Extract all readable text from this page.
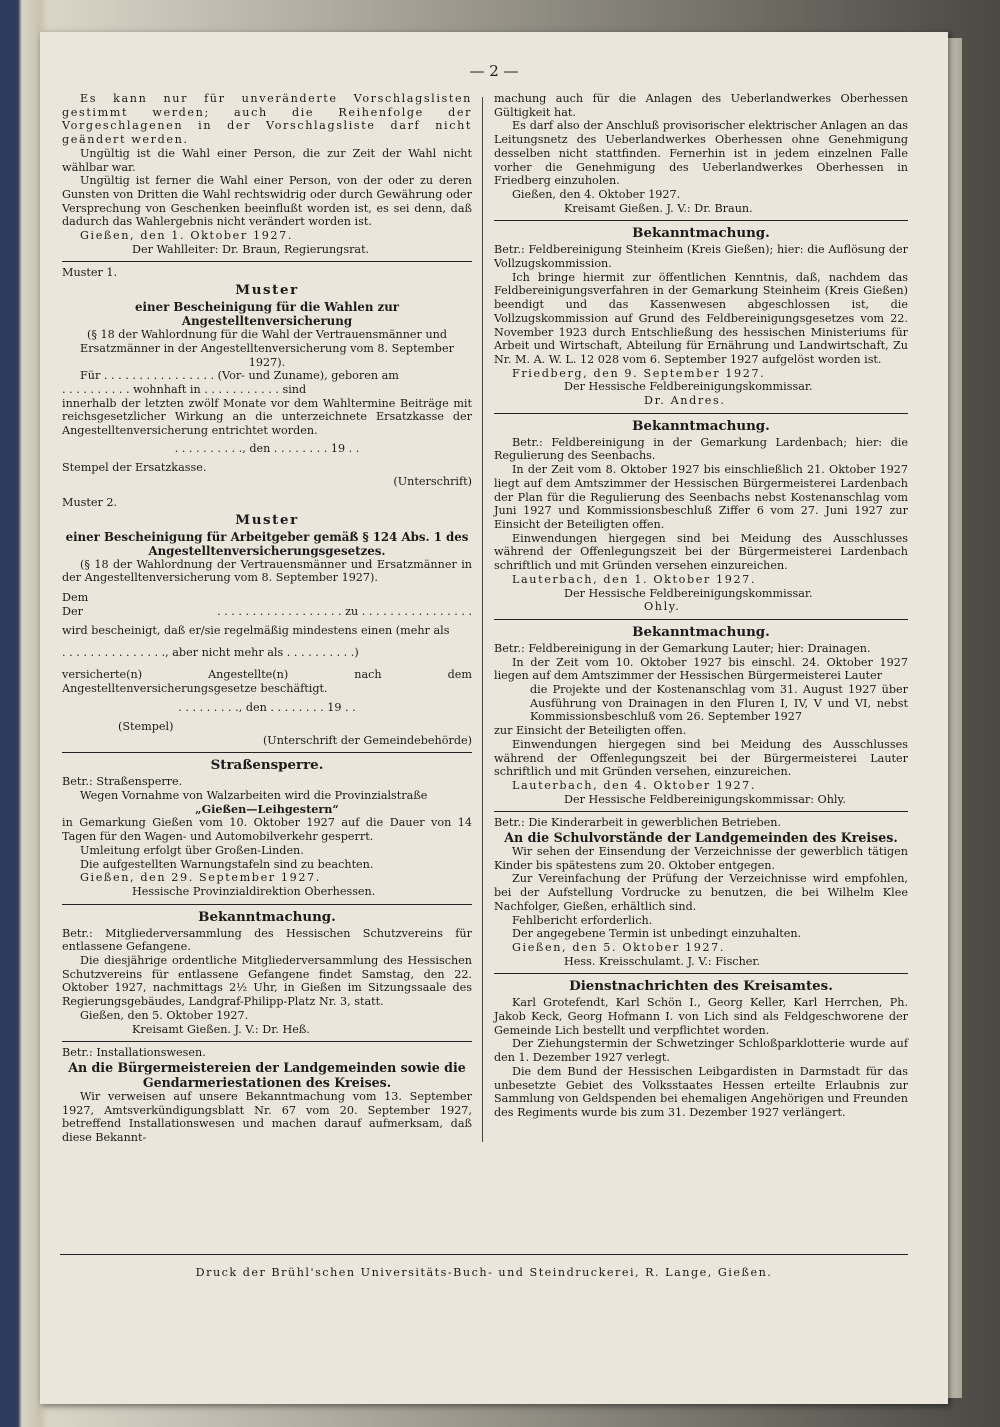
— 2 —

Es kann nur für unveränderte Vorschlagslisten gestimmt werden; auch die Reihenfolge der Vorgeschlagenen in der Vorschlagsliste darf nicht geändert werden.

Ungültig ist die Wahl einer Person, die zur Zeit der Wahl nicht wählbar war.

Ungültig ist ferner die Wahl einer Person, von der oder zu deren Gunsten von Dritten die Wahl rechtswidrig oder durch Gewährung oder Versprechung von Geschenken beeinflußt worden ist, es sei denn, daß dadurch das Wahlergebnis nicht verändert worden ist.

Gießen, den 1. Oktober 1927.

Der Wahlleiter: Dr. Braun, Regierungsrat.

Muster 1.

Muster
einer Bescheinigung für die Wahlen zur Angestelltenversicherung

(§ 18 der Wahlordnung für die Wahl der Vertrauensmänner und Ersatzmänner in der Angestelltenversicherung vom 8. September 1927).

Für . . . . . . . . . . . . . . . . (Vor- und Zuname), geboren am

. . . . . . . . . . wohnhaft in . . . . . . . . . . . sind

innerhalb der letzten zwölf Monate vor dem Wahltermine Beiträge mit reichsgesetzlicher Wirkung an die unterzeichnete Ersatzkasse der Angestelltenversicherung entrichtet worden.

. . . . . . . . . ., den . . . . . . . . 19 . .

Stempel der Ersatzkasse.

(Unterschrift)

Muster 2.

Muster
einer Bescheinigung für Arbeitgeber gemäß § 124 Abs. 1 des Angestelltenversicherungsgesetzes.

(§ 18 der Wahlordnung der Vertrauensmänner und Ersatzmänner in der Angestelltenversicherung vom 8. September 1927).

Dem
Der	. . . . . . . . . . . . . . . . . . zu . . . . . . . . . . . . . . . .

wird bescheinigt, daß er/sie regelmäßig mindestens einen (mehr als

. . . . . . . . . . . . . . ., aber nicht mehr als . . . . . . . . . .)

versicherte(n) Angestellte(n) nach dem Angestelltenversicherungsgesetze beschäftigt.

. . . . . . . . ., den . . . . . . . . 19 . .

(Stempel)

(Unterschrift der Gemeindebehörde)

Straßensperre.

Betr.: Straßensperre.

Wegen Vornahme von Walzarbeiten wird die Provinzialstraße

„Gießen—Leihgestern“

in Gemarkung Gießen vom 10. Oktober 1927 auf die Dauer von 14 Tagen für den Wagen- und Automobilverkehr gesperrt.

Umleitung erfolgt über Großen-Linden.

Die aufgestellten Warnungstafeln sind zu beachten.

Gießen, den 29. September 1927.

Hessische Provinzialdirektion Oberhessen.

Bekanntmachung.

Betr.: Mitgliederversammlung des Hessischen Schutzvereins für entlassene Gefangene.

Die diesjährige ordentliche Mitgliederversammlung des Hessischen Schutzvereins für entlassene Gefangene findet Samstag, den 22. Oktober 1927, nachmittags 2½ Uhr, in Gießen im Sitzungssaale des Regierungsgebäudes, Landgraf-Philipp-Platz Nr. 3, statt.

Gießen, den 5. Oktober 1927.

Kreisamt Gießen. J. V.: Dr. Heß.

Betr.: Installationswesen.

An die Bürgermeistereien der Landgemeinden sowie die Gendarmeriestationen des Kreises.

Wir verweisen auf unsere Bekanntmachung vom 13. September 1927, Amtsverkündigungsblatt Nr. 67 vom 20. September 1927, betreffend Installationswesen und machen darauf aufmerksam, daß diese Bekannt-

machung auch für die Anlagen des Ueberlandwerkes Oberhessen Gültigkeit hat.

Es darf also der Anschluß provisorischer elektrischer Anlagen an das Leitungsnetz des Ueberlandwerkes Oberhessen ohne Genehmigung desselben nicht stattfinden. Fernerhin ist in jedem einzelnen Falle vorher die Genehmigung des Ueberlandwerkes Oberhessen in Friedberg einzuholen.

Gießen, den 4. Oktober 1927.

Kreisamt Gießen. J. V.: Dr. Braun.

Bekanntmachung.

Betr.: Feldbereinigung Steinheim (Kreis Gießen); hier: die Auflösung der Vollzugskommission.

Ich bringe hiermit zur öffentlichen Kenntnis, daß, nachdem das Feldbereinigungsverfahren in der Gemarkung Steinheim (Kreis Gießen) beendigt und das Kassenwesen abgeschlossen ist, die Vollzugskommission auf Grund des Feldbereinigungsgesetzes vom 22. November 1923 durch Entschließung des hessischen Ministeriums für Arbeit und Wirtschaft, Abteilung für Ernährung und Landwirtschaft, Zu Nr. M. A. W. L. 12 028 vom 6. September 1927 aufgelöst worden ist.

Friedberg, den 9. September 1927.

Der Hessische Feldbereinigungskommissar.

Dr. Andres.

Bekanntmachung.

Betr.: Feldbereinigung in der Gemarkung Lardenbach; hier: die Regulierung des Seenbachs.

In der Zeit vom 8. Oktober 1927 bis einschließlich 21. Oktober 1927 liegt auf dem Amtszimmer der Hessischen Bürgermeisterei Lardenbach der Plan für die Regulierung des Seenbachs nebst Kostenanschlag vom Juni 1927 und Kommissionsbeschluß Ziffer 6 vom 27. Juni 1927 zur Einsicht der Beteiligten offen.

Einwendungen hiergegen sind bei Meidung des Ausschlusses während der Offenlegungszeit bei der Bürgermeisterei Lardenbach schriftlich und mit Gründen versehen einzureichen.

Lauterbach, den 1. Oktober 1927.

Der Hessische Feldbereinigungskommissar.

Ohly.

Bekanntmachung.

Betr.: Feldbereinigung in der Gemarkung Lauter; hier: Drainagen.

In der Zeit vom 10. Oktober 1927 bis einschl. 24. Oktober 1927 liegen auf dem Amtszimmer der Hessischen Bürgermeisterei Lauter

die Projekte und der Kostenanschlag vom 31. August 1927 über Ausführung von Drainagen in den Fluren I, IV, V und VI, nebst Kommissionsbeschluß vom 26. September 1927

zur Einsicht der Beteiligten offen.

Einwendungen hiergegen sind bei Meidung des Ausschlusses während der Offenlegungszeit bei der Bürgermeisterei Lauter schriftlich und mit Gründen versehen, einzureichen.

Lauterbach, den 4. Oktober 1927.

Der Hessische Feldbereinigungskommissar: Ohly.

Betr.: Die Kinderarbeit in gewerblichen Betrieben.

An die Schulvorstände der Landgemeinden des Kreises.

Wir sehen der Einsendung der Verzeichnisse der gewerblich tätigen Kinder bis spätestens zum 20. Oktober entgegen.

Zur Vereinfachung der Prüfung der Verzeichnisse wird empfohlen, bei der Aufstellung Vordrucke zu benutzen, die bei Wilhelm Klee Nachfolger, Gießen, erhältlich sind.

Fehlbericht erforderlich.

Der angegebene Termin ist unbedingt einzuhalten.

Gießen, den 5. Oktober 1927.

Hess. Kreisschulamt. J. V.: Fischer.

Dienstnachrichten des Kreisamtes.

Karl Grotefendt, Karl Schön I., Georg Keller, Karl Herrchen, Ph. Jakob Keck, Georg Hofmann I. von Lich sind als Feldgeschworene der Gemeinde Lich bestellt und verpflichtet worden.

Der Ziehungstermin der Schwetzinger Schloßparklotterie wurde auf den 1. Dezember 1927 verlegt.

Die dem Bund der Hessischen Leibgardisten in Darmstadt für das unbesetzte Gebiet des Volksstaates Hessen erteilte Erlaubnis zur Sammlung von Geldspenden bei ehemaligen Angehörigen und Freunden des Regiments wurde bis zum 31. Dezember 1927 verlängert.

Druck der Brühl'schen Universitäts-Buch- und Steindruckerei, R. Lange, Gießen.
